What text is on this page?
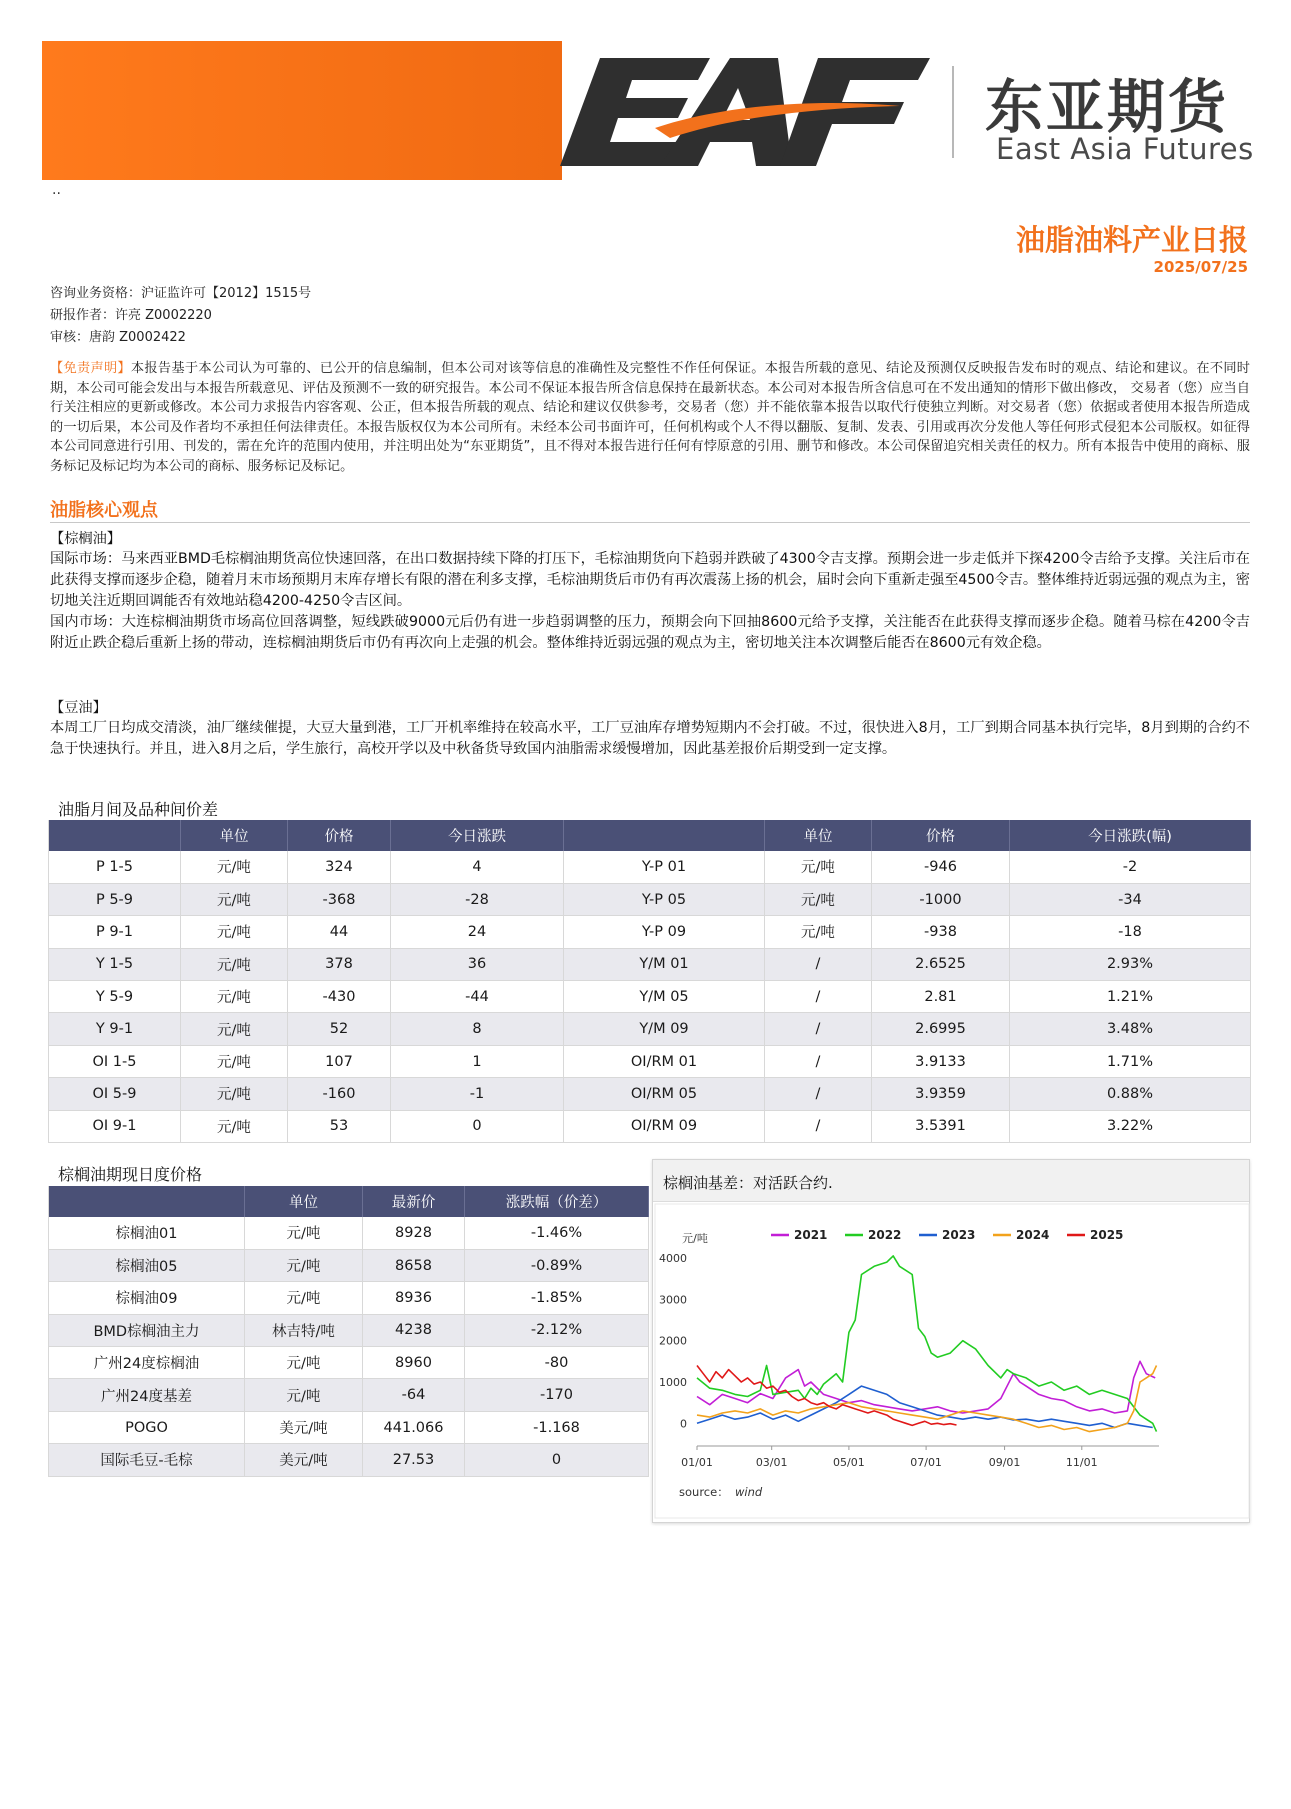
东亚期货
East Asia Futures
..
油脂油料产业日报
2025/07/25
咨询业务资格：沪证监许可【2012】1515号
研报作者：许亮 Z0002220
审核：唐韵 Z0002422
【免责声明】本报告基于本公司认为可靠的、已公开的信息编制，但本公司对该等信息的准确性及完整性不作任何保证。本报告所载的意见、结论及预测仅反映报告发布时的观点、结论和建议。在不同时期，本公司可能会发出与本报告所载意见、评估及预测不一致的研究报告。本公司不保证本报告所含信息保持在最新状态。本公司对本报告所含信息可在不发出通知的情形下做出修改， 交易者（您）应当自行关注相应的更新或修改。本公司力求报告内容客观、公正，但本报告所载的观点、结论和建议仅供参考，交易者（您）并不能依靠本报告以取代行使独立判断。对交易者（您）依据或者使用本报告所造成的一切后果，本公司及作者均不承担任何法律责任。本报告版权仅为本公司所有。未经本公司书面许可，任何机构或个人不得以翻版、复制、发表、引用或再次分发他人等任何形式侵犯本公司版权。如征得本公司同意进行引用、刊发的，需在允许的范围内使用，并注明出处为“东亚期货”，且不得对本报告进行任何有悖原意的引用、删节和修改。本公司保留追究相关责任的权力。所有本报告中使用的商标、服务标记及标记均为本公司的商标、服务标记及标记。
油脂核心观点
【棕榈油】
国际市场：马来西亚BMD毛棕榈油期货高位快速回落，在出口数据持续下降的打压下，毛棕油期货向下趋弱并跌破了4300令吉支撑。预期会进一步走低并下探4200令吉给予支撑。关注后市在此获得支撑而逐步企稳，随着月末市场预期月末库存增长有限的潜在利多支撑，毛棕油期货后市仍有再次震荡上扬的机会，届时会向下重新走强至4500令吉。整体维持近弱远强的观点为主，密切地关注近期回调能否有效地站稳4200-4250令吉区间。
国内市场：大连棕榈油期货市场高位回落调整，短线跌破9000元后仍有进一步趋弱调整的压力，预期会向下回抽8600元给予支撑，关注能否在此获得支撑而逐步企稳。随着马棕在4200令吉附近止跌企稳后重新上扬的带动，连棕榈油期货后市仍有再次向上走强的机会。整体维持近弱远强的观点为主，密切地关注本次调整后能否在8600元有效企稳。
【豆油】
本周工厂日均成交清淡，油厂继续催提，大豆大量到港，工厂开机率维持在较高水平，工厂豆油库存增势短期内不会打破。不过，很快进入8月，工厂到期合同基本执行完毕，8月到期的合约不急于快速执行。并且，进入8月之后，学生旅行，高校开学以及中秋备货导致国内油脂需求缓慢增加，因此基差报价后期受到一定支撑。
油脂月间及品种间价差
	单位	价格	今日涨跌		单位	价格	今日涨跌(幅)
P 1-5	元/吨	324	4	Y-P 01	元/吨	-946	-2
P 5-9	元/吨	-368	-28	Y-P 05	元/吨	-1000	-34
P 9-1	元/吨	44	24	Y-P 09	元/吨	-938	-18
Y 1-5	元/吨	378	36	Y/M 01	/	2.6525	2.93%
Y 5-9	元/吨	-430	-44	Y/M 05	/	2.81	1.21%
Y 9-1	元/吨	52	8	Y/M 09	/	2.6995	3.48%
OI 1-5	元/吨	107	1	OI/RM 01	/	3.9133	1.71%
OI 5-9	元/吨	-160	-1	OI/RM 05	/	3.9359	0.88%
OI 9-1	元/吨	53	0	OI/RM 09	/	3.5391	3.22%
棕榈油期现日度价格
	单位	最新价	涨跌幅（价差）
棕榈油01	元/吨	8928	-1.46%
棕榈油05	元/吨	8658	-0.89%
棕榈油09	元/吨	8936	-1.85%
BMD棕榈油主力	林吉特/吨	4238	-2.12%
广州24度棕榈油	元/吨	8960	-80
广州24度基差	元/吨	-64	-170
POGO	美元/吨	441.066	-1.168
国际毛豆-毛棕	美元/吨	27.53	0
棕榈油基差：对活跃合约.
元/吨
0
1000
2000
3000
4000
01/01	03/01	05/01	07/01	09/01	11/01
2021	2022	2023	2024	2025
source： wind
